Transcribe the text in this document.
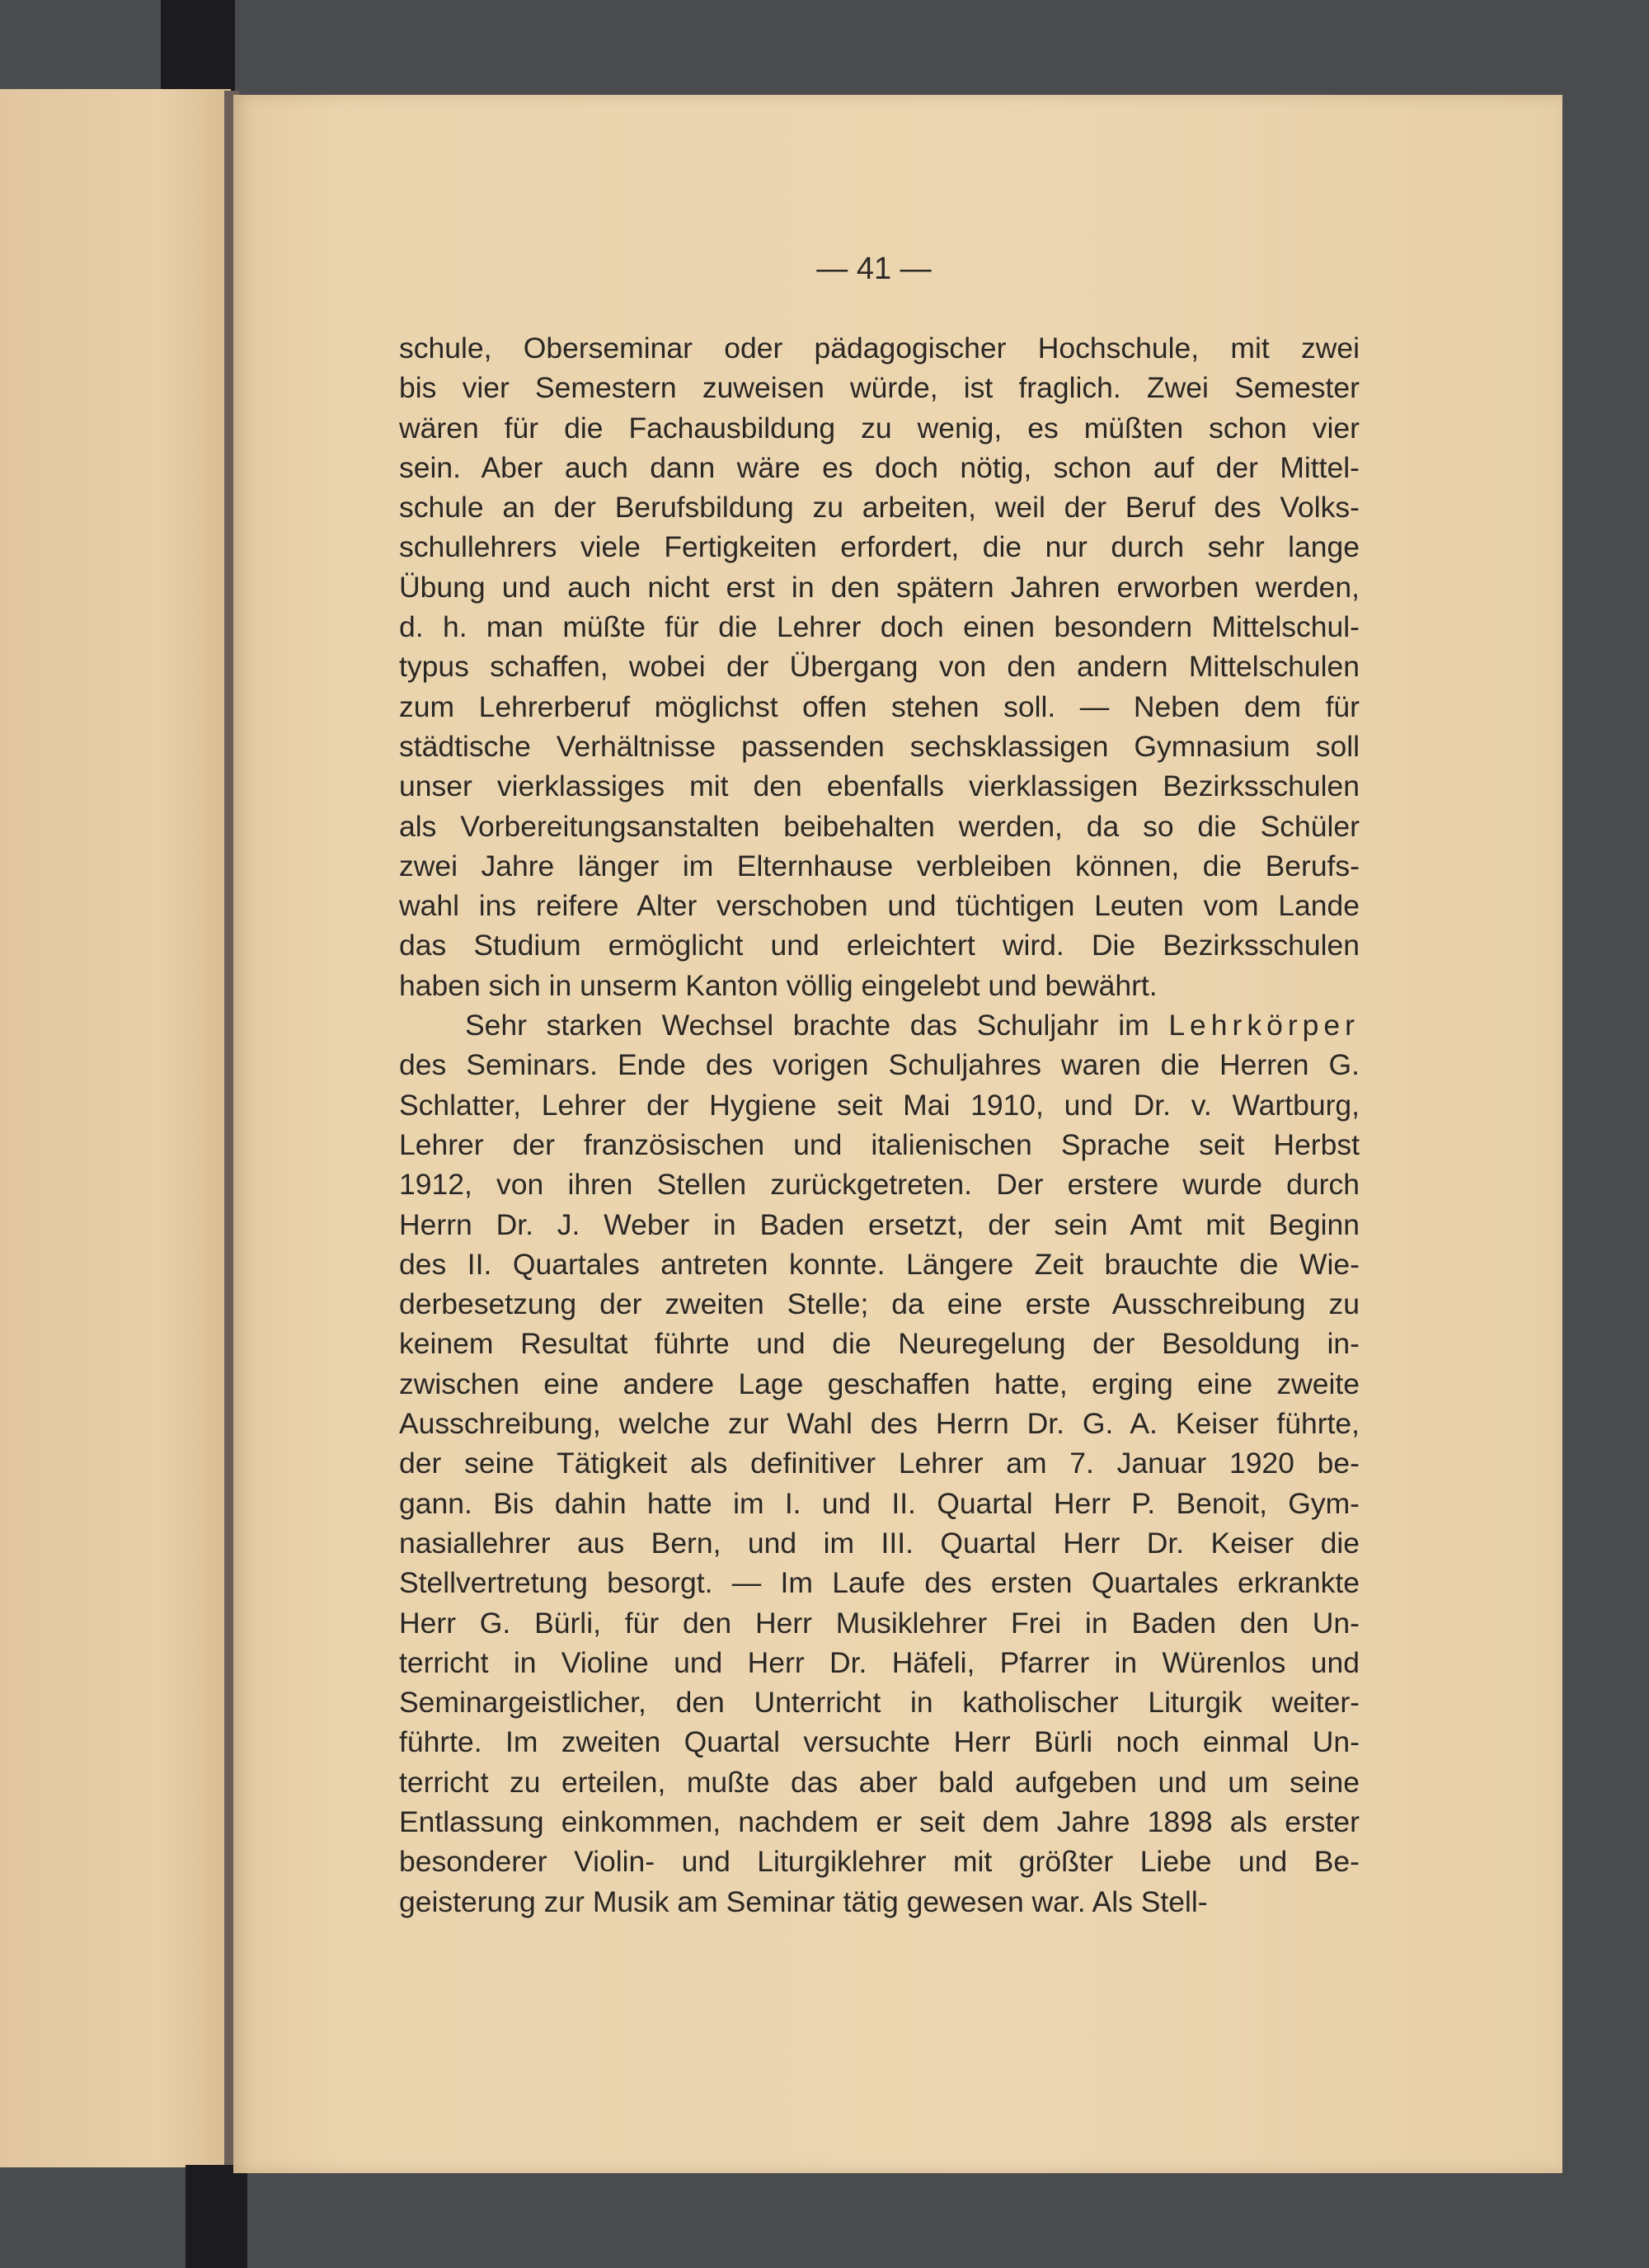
— 41 —
schule, Oberseminar oder pädagogischer Hochschule, mit zwei
bis vier Semestern zuweisen würde, ist fraglich. Zwei Semester
wären für die Fachausbildung zu wenig, es müßten schon vier
sein. Aber auch dann wäre es doch nötig, schon auf der Mittel-
schule an der Berufsbildung zu arbeiten, weil der Beruf des Volks-
schullehrers viele Fertigkeiten erfordert, die nur durch sehr lange
Übung und auch nicht erst in den spätern Jahren erworben werden,
d. h. man müßte für die Lehrer doch einen besondern Mittelschul-
typus schaffen, wobei der Übergang von den andern Mittelschulen
zum Lehrerberuf möglichst offen stehen soll. — Neben dem für
städtische Verhältnisse passenden sechsklassigen Gymnasium soll
unser vierklassiges mit den ebenfalls vierklassigen Bezirksschulen
als Vorbereitungsanstalten beibehalten werden, da so die Schüler
zwei Jahre länger im Elternhause verbleiben können, die Berufs-
wahl ins reifere Alter verschoben und tüchtigen Leuten vom Lande
das Studium ermöglicht und erleichtert wird. Die Bezirksschulen
haben sich in unserm Kanton völlig eingelebt und bewährt.
Sehr starken Wechsel brachte das Schuljahr im Lehrkörper
des Seminars. Ende des vorigen Schuljahres waren die Herren G.
Schlatter, Lehrer der Hygiene seit Mai 1910, und Dr. v. Wartburg,
Lehrer der französischen und italienischen Sprache seit Herbst
1912, von ihren Stellen zurückgetreten. Der erstere wurde durch
Herrn Dr. J. Weber in Baden ersetzt, der sein Amt mit Beginn
des II. Quartales antreten konnte. Längere Zeit brauchte die Wie-
derbesetzung der zweiten Stelle; da eine erste Ausschreibung zu
keinem Resultat führte und die Neuregelung der Besoldung in-
zwischen eine andere Lage geschaffen hatte, erging eine zweite
Ausschreibung, welche zur Wahl des Herrn Dr. G. A. Keiser führte,
der seine Tätigkeit als definitiver Lehrer am 7. Januar 1920 be-
gann. Bis dahin hatte im I. und II. Quartal Herr P. Benoit, Gym-
nasiallehrer aus Bern, und im III. Quartal Herr Dr. Keiser die
Stellvertretung besorgt. — Im Laufe des ersten Quartales erkrankte
Herr G. Bürli, für den Herr Musiklehrer Frei in Baden den Un-
terricht in Violine und Herr Dr. Häfeli, Pfarrer in Würenlos und
Seminargeistlicher, den Unterricht in katholischer Liturgik weiter-
führte. Im zweiten Quartal versuchte Herr Bürli noch einmal Un-
terricht zu erteilen, mußte das aber bald aufgeben und um seine
Entlassung einkommen, nachdem er seit dem Jahre 1898 als erster
besonderer Violin- und Liturgiklehrer mit größter Liebe und Be-
geisterung zur Musik am Seminar tätig gewesen war. Als Stell-
